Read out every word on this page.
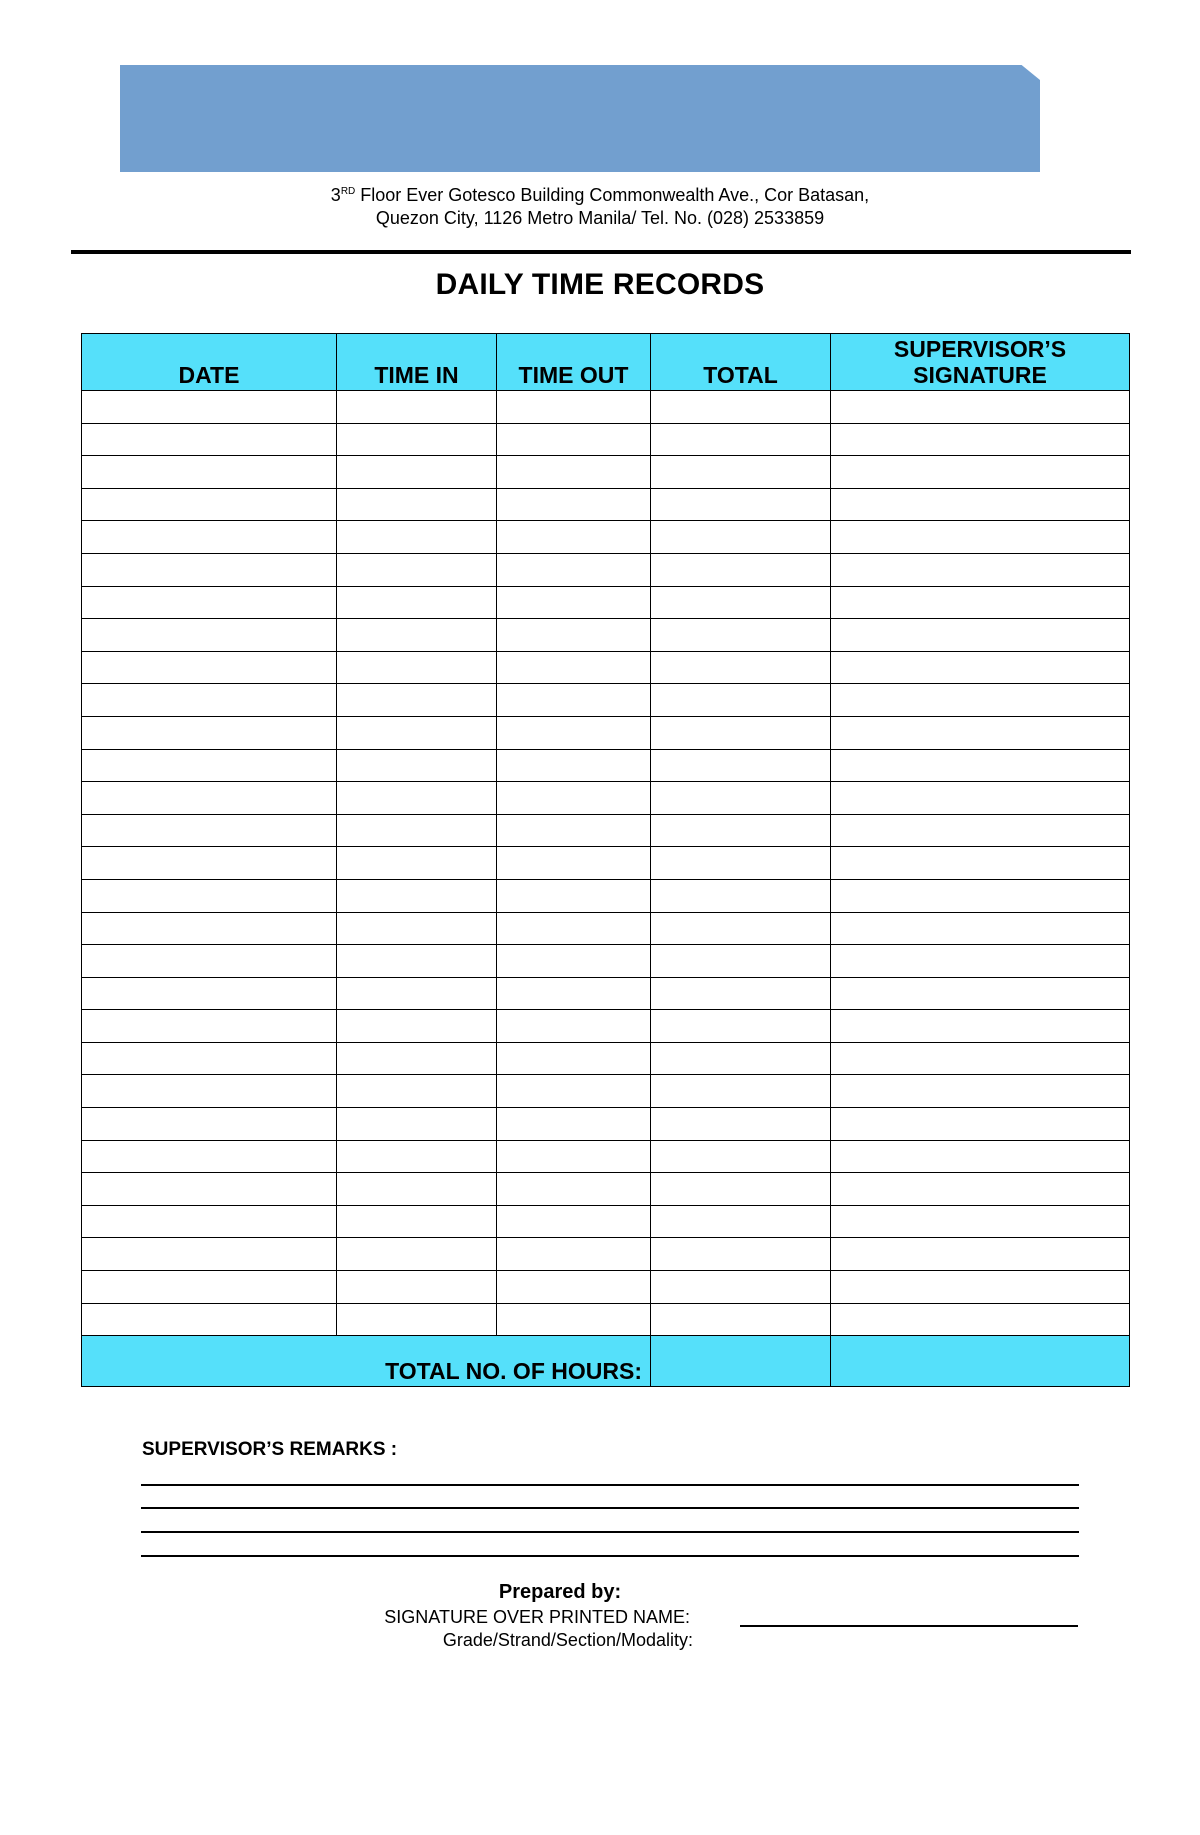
3RD Floor Ever Gotesco Building Commonwealth Ave., Cor Batasan,
Quezon City, 1126 Metro Manila/ Tel. No. (028) 2533859
DAILY TIME RECORDS
DATE	TIME IN	TIME OUT	TOTAL	SUPERVISOR’S
SIGNATURE

TOTAL NO. OF HOURS:				
SUPERVISOR’S REMARKS :
Prepared by:
SIGNATURE OVER PRINTED NAME:
Grade/Strand/Section/Modality:
